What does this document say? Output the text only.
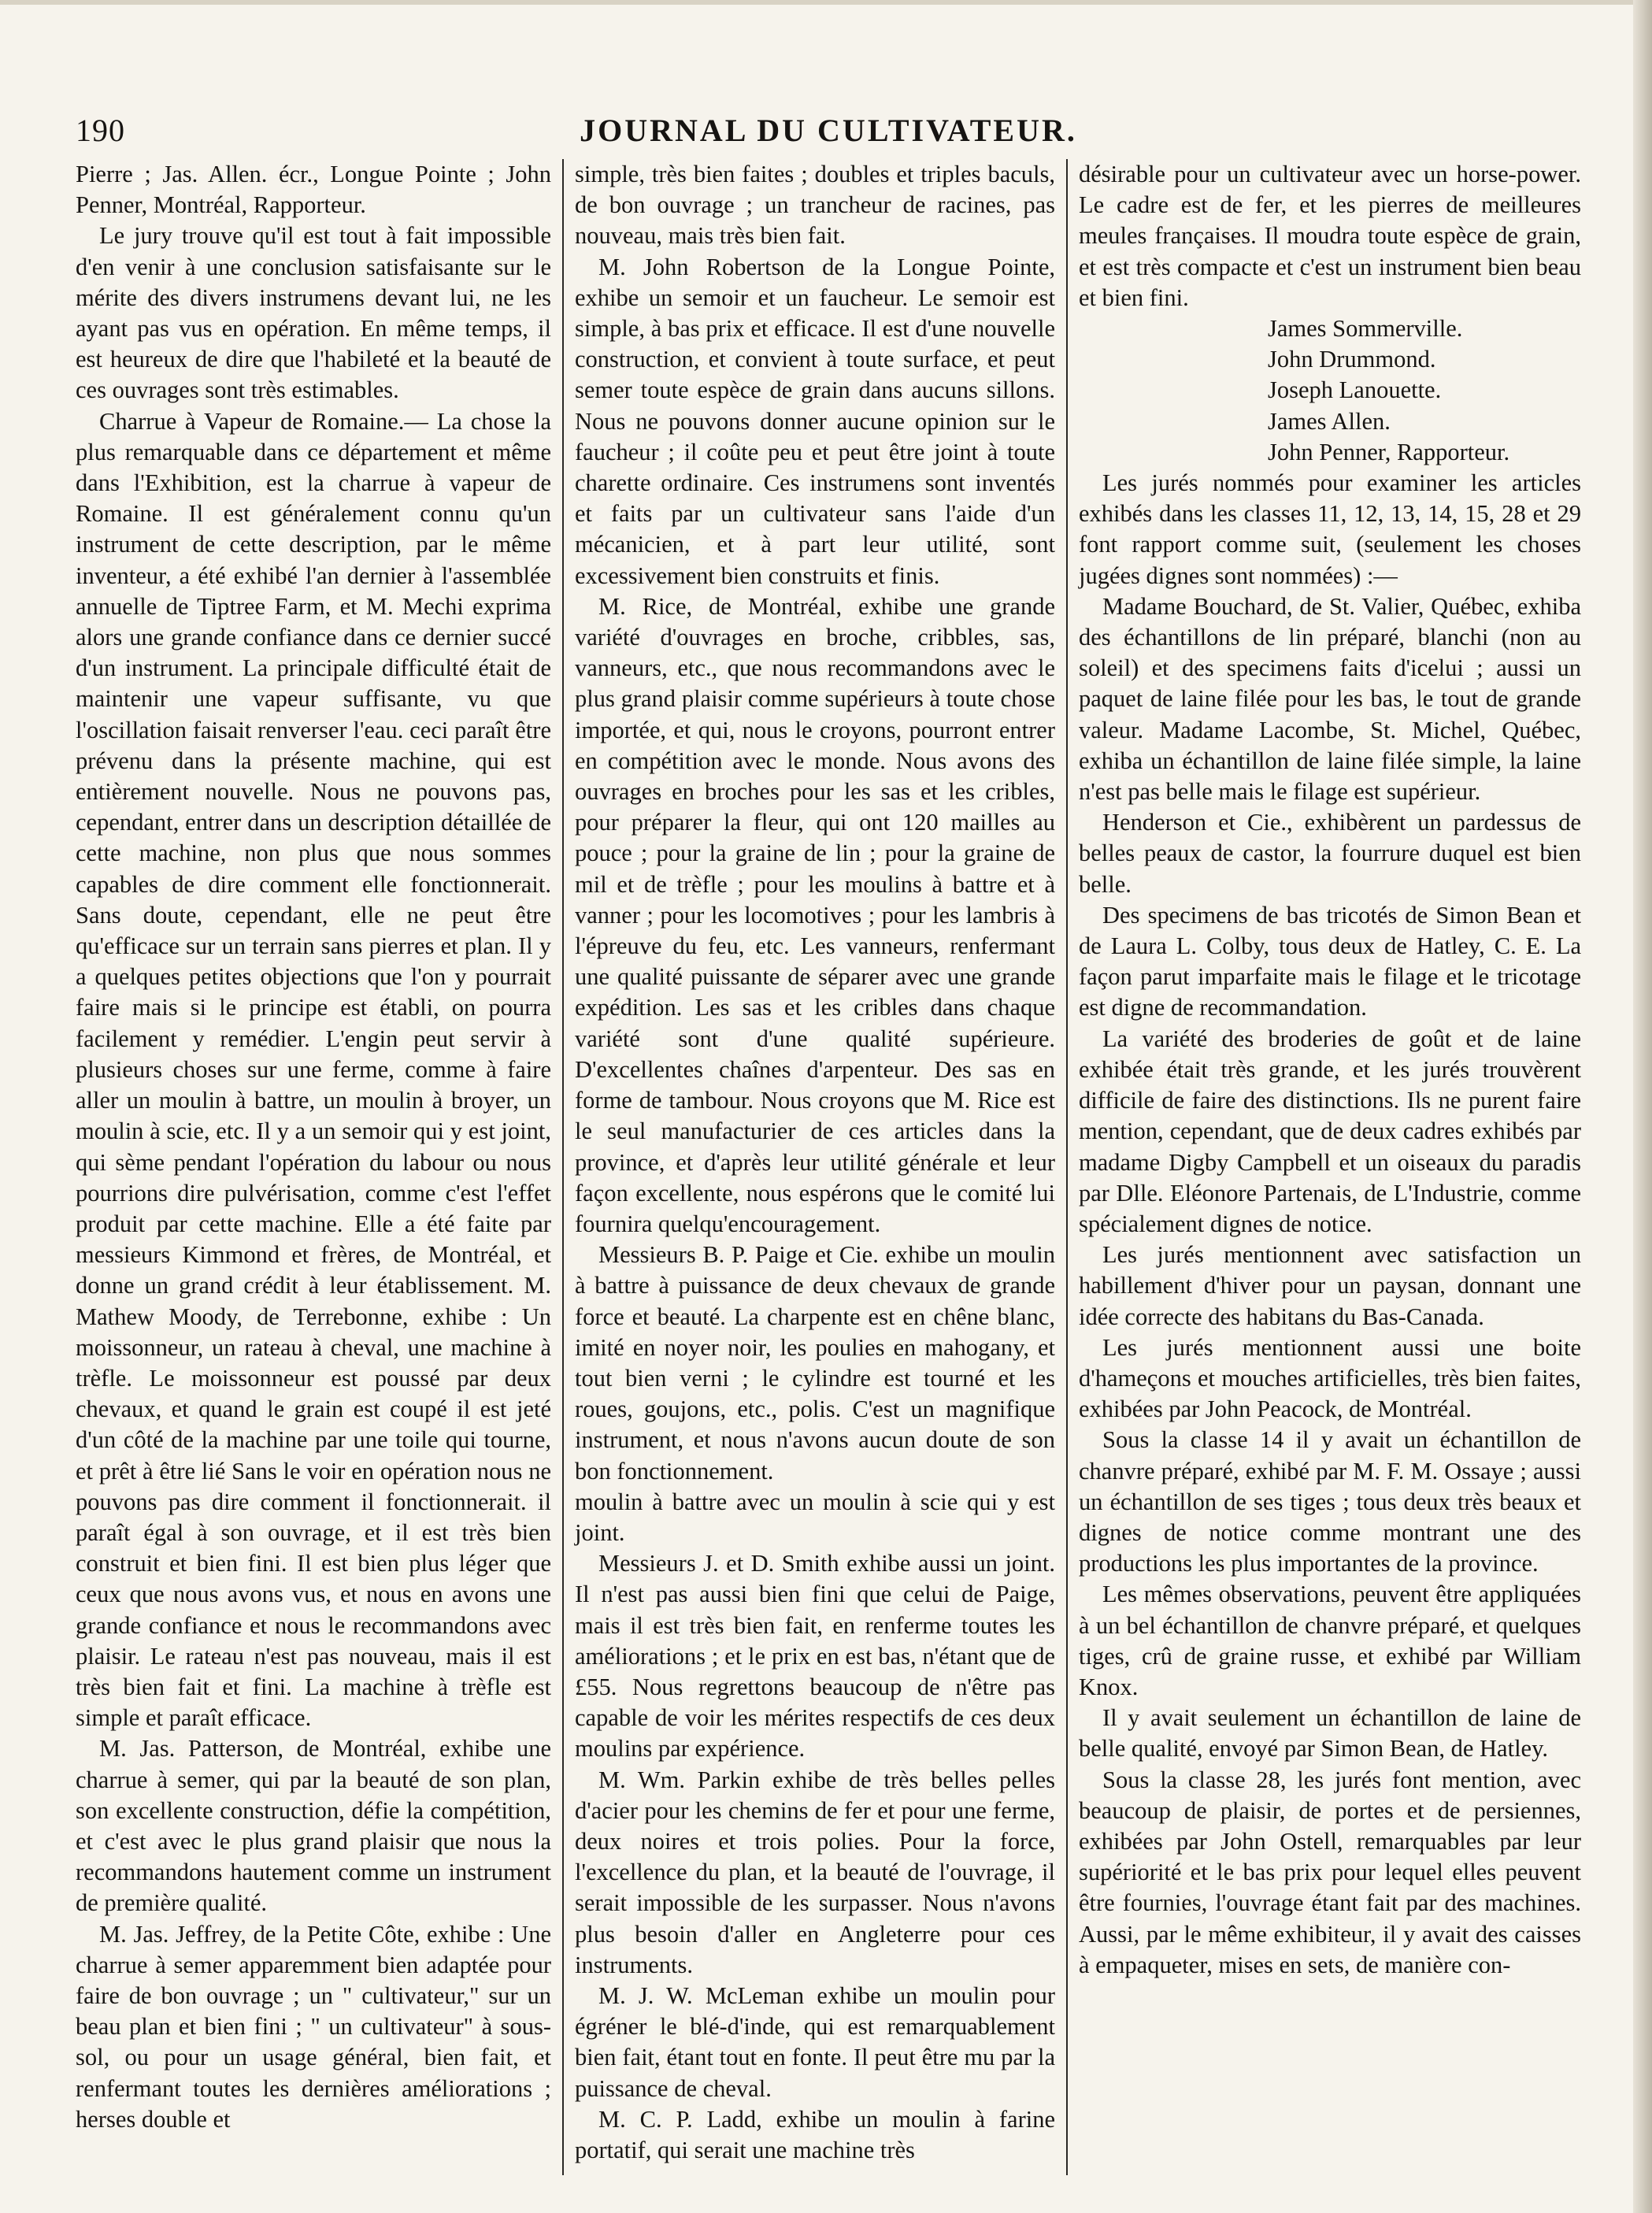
190	JOURNAL DU CULTIVATEUR.

Pierre ; Jas. Allen. écr., Longue Pointe ; John Penner, Montréal, Rapporteur.

Le jury trouve qu'il est tout à fait impossible d'en venir à une conclusion satisfaisante sur le mérite des divers instrumens devant lui, ne les ayant pas vus en opération. En même temps, il est heureux de dire que l'habileté et la beauté de ces ouvrages sont très estimables.

Charrue à Vapeur de Romaine.— La chose la plus remarquable dans ce département et même dans l'Exhibition, est la charrue à vapeur de Romaine. Il est généralement connu qu'un instrument de cette description, par le même inventeur, a été exhibé l'an dernier à l'assemblée annuelle de Tiptree Farm, et M. Mechi exprima alors une grande confiance dans ce dernier succé d'un instrument. La principale difficulté était de maintenir une vapeur suffisante, vu que l'oscillation faisait renverser l'eau. ceci paraît être prévenu dans la présente machine, qui est entièrement nouvelle. Nous ne pouvons pas, cependant, entrer dans un description détaillée de cette machine, non plus que nous sommes capables de dire comment elle fonctionnerait. Sans doute, cependant, elle ne peut être qu'efficace sur un terrain sans pierres et plan. Il y a quelques petites objections que l'on y pourrait faire mais si le principe est établi, on pourra facilement y remédier. L'engin peut servir à plusieurs choses sur une ferme, comme à faire aller un moulin à battre, un moulin à broyer, un moulin à scie, etc. Il y a un semoir qui y est joint, qui sème pendant l'opération du labour ou nous pourrions dire pulvérisation, comme c'est l'effet produit par cette machine. Elle a été faite par messieurs Kimmond et frères, de Montréal, et donne un grand crédit à leur établissement. M. Mathew Moody, de Terrebonne, exhibe : Un moissonneur, un rateau à cheval, une machine à trèfle. Le moissonneur est poussé par deux chevaux, et quand le grain est coupé il est jeté d'un côté de la machine par une toile qui tourne, et prêt à être lié Sans le voir en opération nous ne pouvons pas dire comment il fonctionnerait. il paraît égal à son ouvrage, et il est très bien construit et bien fini. Il est bien plus léger que ceux que nous avons vus, et nous en avons une grande confiance et nous le recommandons avec plaisir. Le rateau n'est pas nouveau, mais il est très bien fait et fini. La machine à trèfle est simple et paraît efficace.

M. Jas. Patterson, de Montréal, exhibe une charrue à semer, qui par la beauté de son plan, son excellente construction, défie la compétition, et c'est avec le plus grand plaisir que nous la recommandons hautement comme un instrument de première qualité.

M. Jas. Jeffrey, de la Petite Côte, exhibe : Une charrue à semer apparemment bien adaptée pour faire de bon ouvrage ; un " cultivateur," sur un beau plan et bien fini ; " un cultivateur" à sous-sol, ou pour un usage général, bien fait, et renfermant toutes les dernières améliorations ; herses double et

simple, très bien faites ; doubles et triples baculs, de bon ouvrage ; un trancheur de racines, pas nouveau, mais très bien fait.

M. John Robertson de la Longue Pointe, exhibe un semoir et un faucheur. Le semoir est simple, à bas prix et efficace. Il est d'une nouvelle construction, et convient à toute surface, et peut semer toute espèce de grain dans aucuns sillons. Nous ne pouvons donner aucune opinion sur le faucheur ; il coûte peu et peut être joint à toute charette ordinaire. Ces instrumens sont inventés et faits par un cultivateur sans l'aide d'un mécanicien, et à part leur utilité, sont excessivement bien construits et finis.

M. Rice, de Montréal, exhibe une grande variété d'ouvrages en broche, cribbles, sas, vanneurs, etc., que nous recommandons avec le plus grand plaisir comme supérieurs à toute chose importée, et qui, nous le croyons, pourront entrer en compétition avec le monde. Nous avons des ouvrages en broches pour les sas et les cribles, pour préparer la fleur, qui ont 120 mailles au pouce ; pour la graine de lin ; pour la graine de mil et de trèfle ; pour les moulins à battre et à vanner ; pour les locomotives ; pour les lambris à l'épreuve du feu, etc. Les vanneurs, renfermant une qualité puissante de séparer avec une grande expédition. Les sas et les cribles dans chaque variété sont d'une qualité supérieure. D'excellentes chaînes d'arpenteur. Des sas en forme de tambour. Nous croyons que M. Rice est le seul manufacturier de ces articles dans la province, et d'après leur utilité générale et leur façon excellente, nous espérons que le comité lui fournira quelqu'encouragement.

Messieurs B. P. Paige et Cie. exhibe un moulin à battre à puissance de deux chevaux de grande force et beauté. La charpente est en chêne blanc, imité en noyer noir, les poulies en mahogany, et tout bien verni ; le cylindre est tourné et les roues, goujons, etc., polis. C'est un magnifique instrument, et nous n'avons aucun doute de son bon fonctionnement.

moulin à battre avec un moulin à scie qui y est joint.

Messieurs J. et D. Smith exhibe aussi un joint. Il n'est pas aussi bien fini que celui de Paige, mais il est très bien fait, en renferme toutes les améliorations ; et le prix en est bas, n'étant que de £55. Nous regrettons beaucoup de n'être pas capable de voir les mérites respectifs de ces deux moulins par expérience.

M. Wm. Parkin exhibe de très belles pelles d'acier pour les chemins de fer et pour une ferme, deux noires et trois polies. Pour la force, l'excellence du plan, et la beauté de l'ouvrage, il serait impossible de les surpasser. Nous n'avons plus besoin d'aller en Angleterre pour ces instruments.

M. J. W. McLeman exhibe un moulin pour égréner le blé-d'inde, qui est remarquablement bien fait, étant tout en fonte. Il peut être mu par la puissance de cheval.

M. C. P. Ladd, exhibe un moulin à farine portatif, qui serait une machine très

désirable pour un cultivateur avec un horse-power. Le cadre est de fer, et les pierres de meilleures meules françaises. Il moudra toute espèce de grain, et est très compacte et c'est un instrument bien beau et bien fini.

James Sommerville.

John Drummond.

Joseph Lanouette.

James Allen.

John Penner, Rapporteur.

Les jurés nommés pour examiner les articles exhibés dans les classes 11, 12, 13, 14, 15, 28 et 29 font rapport comme suit, (seulement les choses jugées dignes sont nommées) :—

Madame Bouchard, de St. Valier, Québec, exhiba des échantillons de lin préparé, blanchi (non au soleil) et des specimens faits d'icelui ; aussi un paquet de laine filée pour les bas, le tout de grande valeur. Madame Lacombe, St. Michel, Québec, exhiba un échantillon de laine filée simple, la laine n'est pas belle mais le filage est supérieur.

Henderson et Cie., exhibèrent un pardessus de belles peaux de castor, la fourrure duquel est bien belle.

Des specimens de bas tricotés de Simon Bean et de Laura L. Colby, tous deux de Hatley, C. E. La façon parut imparfaite mais le filage et le tricotage est digne de recommandation.

La variété des broderies de goût et de laine exhibée était très grande, et les jurés trouvèrent difficile de faire des distinctions. Ils ne purent faire mention, cependant, que de deux cadres exhibés par madame Digby Campbell et un oiseaux du paradis par Dlle. Eléonore Partenais, de L'Industrie, comme spécialement dignes de notice.

Les jurés mentionnent avec satisfaction un habillement d'hiver pour un paysan, donnant une idée correcte des habitans du Bas-Canada.

Les jurés mentionnent aussi une boite d'hameçons et mouches artificielles, très bien faites, exhibées par John Peacock, de Montréal.

Sous la classe 14 il y avait un échantillon de chanvre préparé, exhibé par M. F. M. Ossaye ; aussi un échantillon de ses tiges ; tous deux très beaux et dignes de notice comme montrant une des productions les plus importantes de la province.

Les mêmes observations, peuvent être appliquées à un bel échantillon de chanvre préparé, et quelques tiges, crû de graine russe, et exhibé par William Knox.

Il y avait seulement un échantillon de laine de belle qualité, envoyé par Simon Bean, de Hatley.

Sous la classe 28, les jurés font mention, avec beaucoup de plaisir, de portes et de persiennes, exhibées par John Ostell, remarquables par leur supériorité et le bas prix pour lequel elles peuvent être fournies, l'ouvrage étant fait par des machines. Aussi, par le même exhibiteur, il y avait des caisses à empaqueter, mises en sets, de manière con-
